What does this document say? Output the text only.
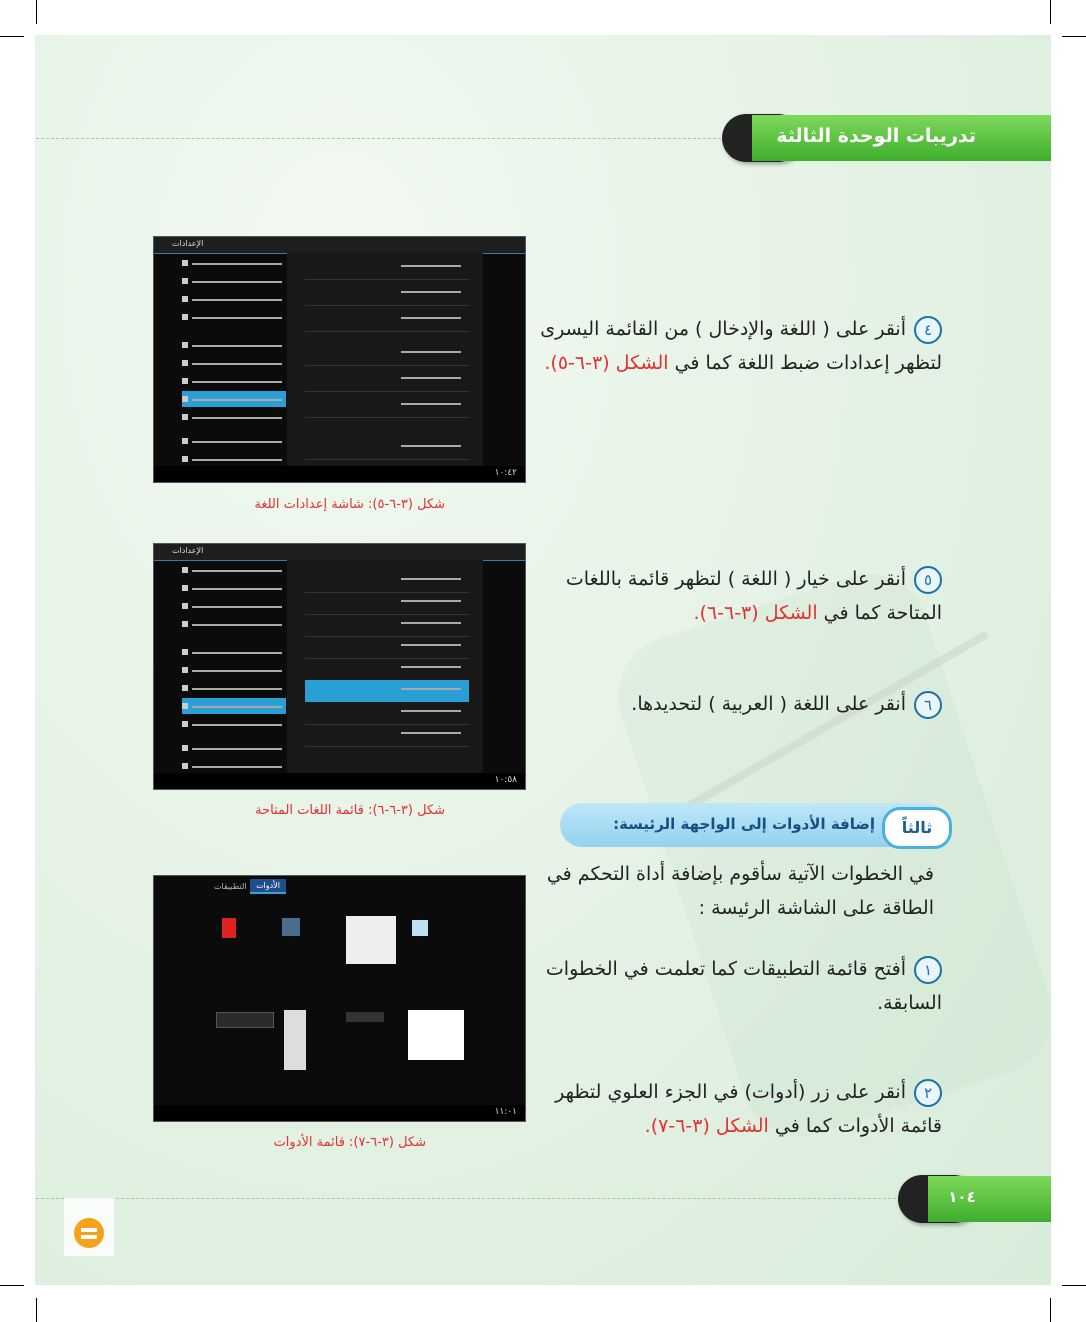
تدريبات الوحدة الثالثة
الإعدادات
١٠:٤٢
شكل (٣-٦-٥): شاشة إعدادات اللغة
٤أنقر على ( اللغة والإدخال ) من القائمة اليسرى لتظهر إعدادات ضبط اللغة كما في الشكل (٣-٦-٥).
الإعدادات
١٠:٥٨
شكل (٣-٦-٦): قائمة اللغات المتاحة
٥أنقر على خيار ( اللغة ) لتظهر قائمة باللغات المتاحة كما في الشكل (٣-٦-٦).
٦أنقر على اللغة ( العربية ) لتحديدها.
إضافة الأدوات إلى الواجهة الرئيسة:	ثالثاً
في الخطوات الآتية سأقوم بإضافة أداة التحكم في الطاقة على الشاشة الرئيسة :
التطبيقات	الأدوات
١١:٠١
شكل (٣-٦-٧): قائمة الأدوات
١أفتح قائمة التطبيقات كما تعلمت في الخطوات السابقة.
٢أنقر على زر (أدوات) في الجزء العلوي لتظهر قائمة الأدوات كما في الشكل (٣-٦-٧).
١٠٤
